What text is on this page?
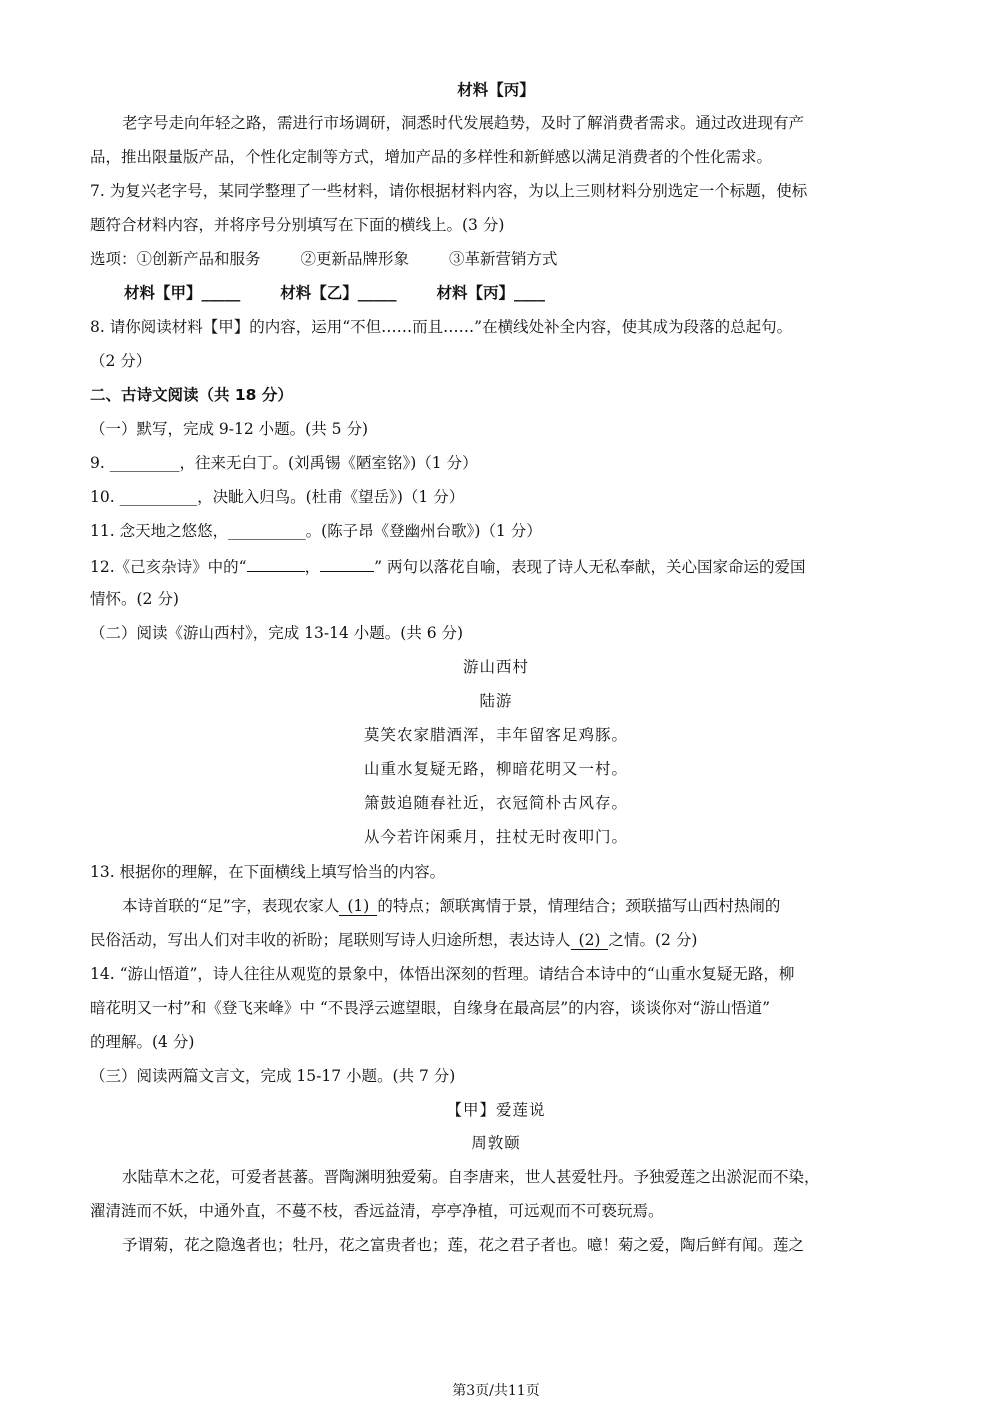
材料【丙】
老字号走向年轻之路，需进行市场调研，洞悉时代发展趋势，及时了解消费者需求。通过改进现有产
品，推出限量版产品，个性化定制等方式，增加产品的多样性和新鲜感以满足消费者的个性化需求。
7. 为复兴老字号，某同学整理了一些材料，请你根据材料内容，为以上三则材料分别选定一个标题，使标
题符合材料内容，并将序号分别填写在下面的横线上。(3 分)
选项：①创新产品和服务	②更新品牌形象	③革新营销方式
材料【甲】_____	材料【乙】_____	材料【丙】____
8. 请你阅读材料【甲】的内容，运用“不但……而且……”在横线处补全内容，使其成为段落的总起句。
（2 分）
二、古诗文阅读（共 18 分）
（一）默写，完成 9-12 小题。(共 5 分)
9. _________，往来无白丁。(刘禹锡《陋室铭》)（1 分）
10. __________，决眦入归鸟。(杜甫《望岳》)（1 分）
11. 念天地之悠悠，__________。(陈子昂《登幽州台歌》)（1 分）
12.《己亥杂诗》中的“	，	” 两句以落花自喻，表现了诗人无私奉献，关心国家命运的爱国
情怀。(2 分)
（二）阅读《游山西村》，完成 13-14 小题。(共 6 分)
游山西村
陆游
莫笑农家腊酒浑，丰年留客足鸡豚。
山重水复疑无路，柳暗花明又一村。
箫鼓追随春社近，衣冠简朴古风存。
从今若许闲乘月，拄杖无时夜叩门。
13. 根据你的理解，在下面横线上填写恰当的内容。
本诗首联的“足”字，表现农家人 (1) 的特点；颔联寓情于景，情理结合；颈联描写山西村热闹的
民俗活动，写出人们对丰收的祈盼；尾联则写诗人归途所想，表达诗人 (2) 之情。(2 分)
14. “游山悟道”，诗人往往从观览的景象中，体悟出深刻的哲理。请结合本诗中的“山重水复疑无路，柳
暗花明又一村”和《登飞来峰》中 “不畏浮云遮望眼，自缘身在最高层”的内容，谈谈你对“游山悟道”
的理解。(4 分)
（三）阅读两篇文言文，完成 15-17 小题。(共 7 分)
【甲】爱莲说
周敦颐
水陆草木之花，可爱者甚蕃。晋陶渊明独爱菊。自李唐来，世人甚爱牡丹。予独爱莲之出淤泥而不染，
濯清涟而不妖，中通外直，不蔓不枝，香远益清，亭亭净植，可远观而不可亵玩焉。
予谓菊，花之隐逸者也；牡丹，花之富贵者也；莲，花之君子者也。噫！菊之爱，陶后鲜有闻。莲之
第3页/共11页
